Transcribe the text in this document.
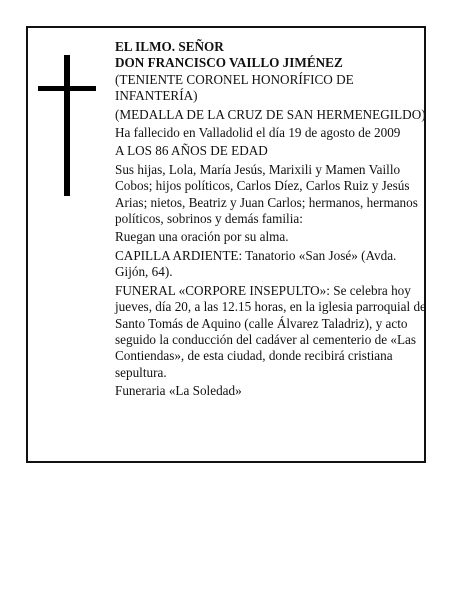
EL ILMO. SEÑOR

DON FRANCISCO VAILLO JIMÉNEZ

(TENIENTE CORONEL HONORÍFICO DE INFANTERÍA)

(MEDALLA DE LA CRUZ DE SAN HERMENEGILDO)

Ha fallecido en Valladolid el día 19 de agosto de 2009

A LOS 86 AÑOS DE EDAD

Sus hijas, Lola, María Jesús, Marixili y Mamen Vaillo Cobos; hijos políticos, Carlos Díez, Carlos Ruiz y Jesús Arias; nietos, Beatriz y Juan Carlos; hermanos, hermanos políticos, sobrinos y demás familia:

Ruegan una oración por su alma.

CAPILLA ARDIENTE: Tanatorio «San José» (Avda. Gijón, 64).

FUNERAL «CORPORE INSEPULTO»: Se celebra hoy jueves, día 20, a las 12.15 horas, en la iglesia parroquial de Santo Tomás de Aquino (calle Álvarez Taladriz), y acto seguido la conducción del cadáver al cementerio de «Las Contiendas», de esta ciudad, donde recibirá cristiana sepultura.

Funeraria «La Soledad»
